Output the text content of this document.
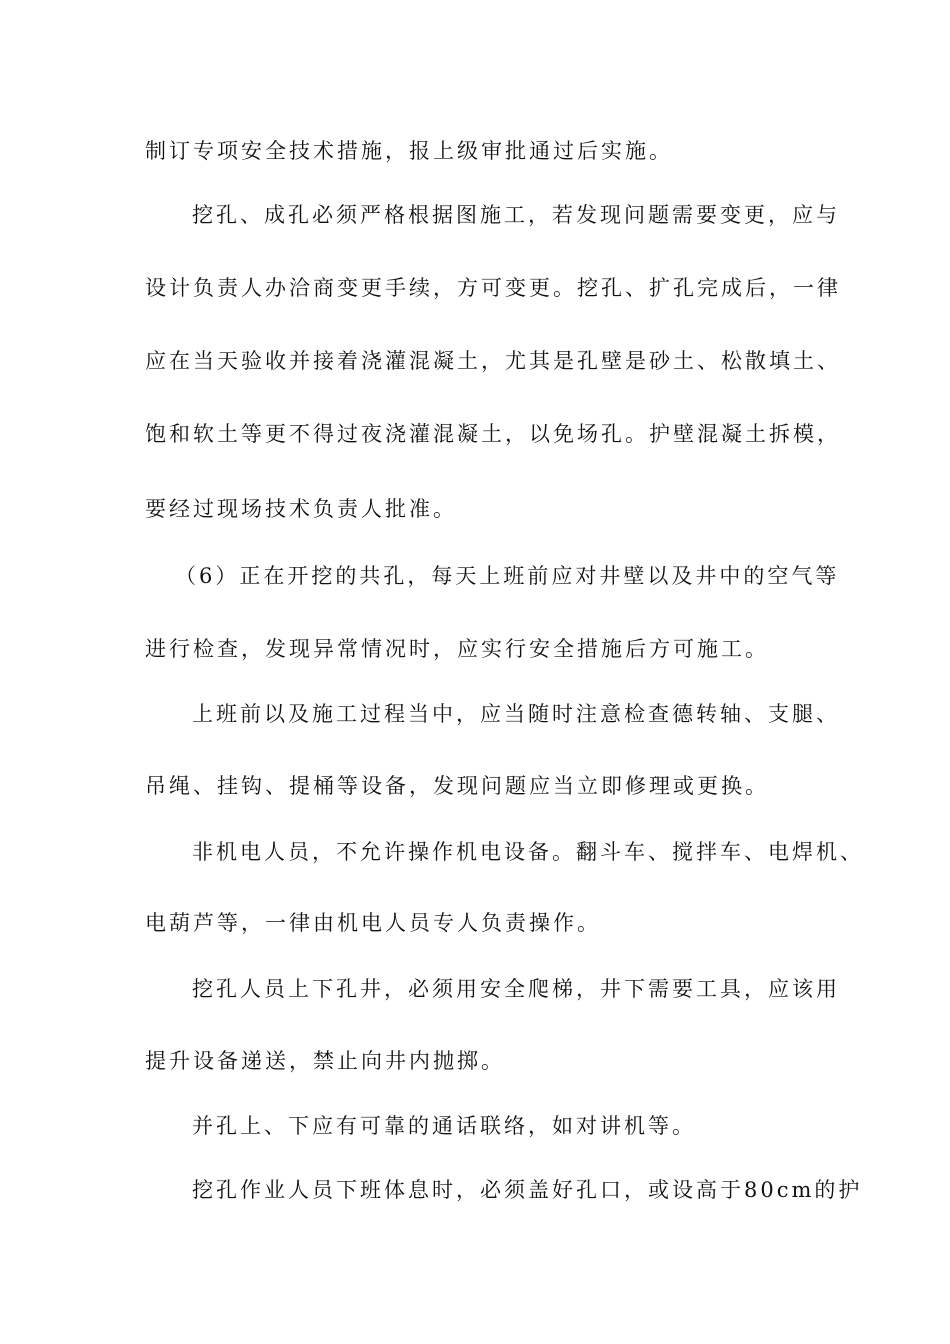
制订专项安全技术措施，报上级审批通过后实施。

挖孔、成孔必须严格根据图施工，若发现问题需要变更，应与

设计负责人办洽商变更手续，方可变更。挖孔、扩孔完成后，一律

应在当天验收并接着浇灌混凝土，尤其是孔壁是砂土、松散填土、

饱和软土等更不得过夜浇灌混凝土，以免场孔。护壁混凝土拆模，

要经过现场技术负责人批准。

（6）正在开挖的共孔，每天上班前应对井壁以及井中的空气等

进行检查，发现异常情况时，应实行安全措施后方可施工。

上班前以及施工过程当中，应当随时注意检查德转轴、支腿、

吊绳、挂钩、提桶等设备，发现问题应当立即修理或更换。

非机电人员，不允许操作机电设备。翻斗车、搅拌车、电焊机、

电葫芦等，一律由机电人员专人负责操作。

挖孔人员上下孔井，必须用安全爬梯，井下需要工具，应该用

提升设备递送，禁止向井内抛掷。

并孔上、下应有可靠的通话联络，如对讲机等。

挖孔作业人员下班体息时，必须盖好孔口，或设高于80cm的护
